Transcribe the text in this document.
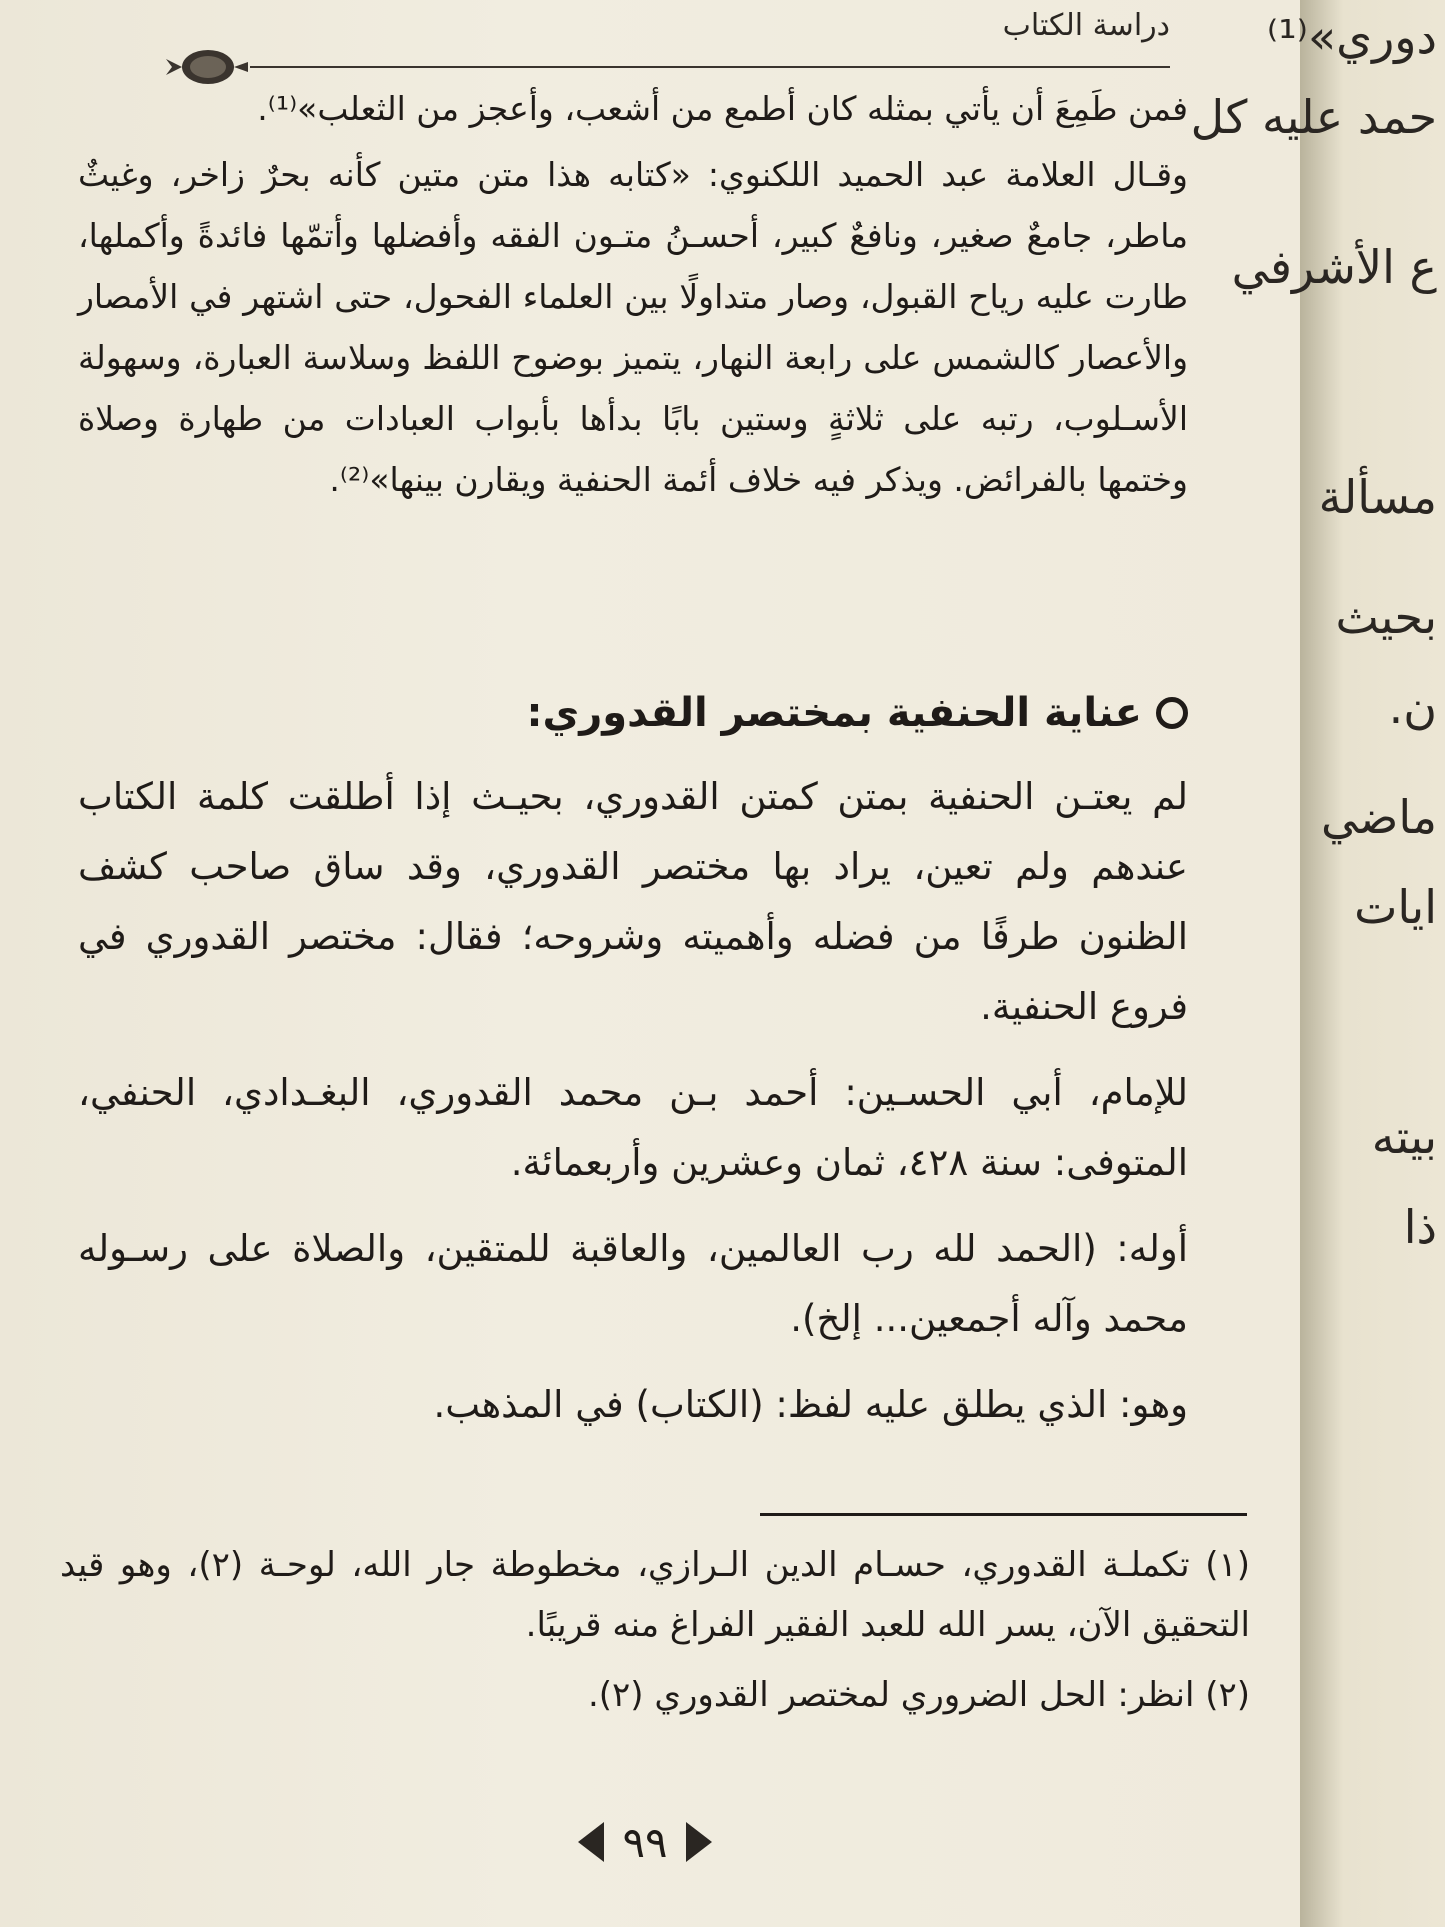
دراسة الكتاب

فمن طَمِعَ أن يأتي بمثله كان أطمع من أشعب، وأعجز من الثعلب»⁽¹⁾.

وقـال العلامة عبد الحميد اللكنوي: «كتابه هذا متن متين كأنه بحرٌ زاخر، وغيثٌ ماطر، جامعٌ صغير، ونافعٌ كبير، أحسـنُ متـون الفقه وأفضلها وأتمّها فائدةً وأكملها، طارت عليه رياح القبول، وصار متداولًا بين العلماء الفحول، حتى اشتهر في الأمصار والأعصار كالشمس على رابعة النهار، يتميز بوضوح اللفظ وسلاسة العبارة، وسهولة الأسـلوب، رتبه على ثلاثةٍ وستين بابًا بدأها بأبواب العبادات من طهارة وصلاة وختمها بالفرائض. ويذكر فيه خلاف أئمة الحنفية ويقارن بينها»⁽²⁾.

عناية الحنفية بمختصر القدوري:

لم يعتـن الحنفية بمتن كمتن القدوري، بحيـث إذا أطلقت كلمة الكتاب عندهم ولم تعين، يراد بها مختصر القدوري، وقد ساق صاحب كشف الظنون طرفًا من فضله وأهميته وشروحه؛ فقال: مختصر القدوري في فروع الحنفية.

للإمام، أبي الحسـين: أحمد بـن محمد القدوري، البغـدادي، الحنفي، المتوفى: سنة ٤٢٨، ثمان وعشرين وأربعمائة.

أوله: (الحمد لله رب العالمين، والعاقبة للمتقين، والصلاة على رسـوله محمد وآله أجمعين... إلخ).

وهو: الذي يطلق عليه لفظ: (الكتاب) في المذهب.

(١) تكملـة القدوري، حسـام الدين الـرازي، مخطوطة جار الله، لوحـة (٢)، وهو قيد التحقيق الآن، يسر الله للعبد الفقير الفراغ منه قريبًا.

(٢) انظر: الحل الضروري لمختصر القدوري (٢).

٩٩
دوري»⁽¹⁾
حمد عليه كل
ع الأشرفي
مسألة
بحيث
ن.
ماضي
ايات
بيته
ذا
